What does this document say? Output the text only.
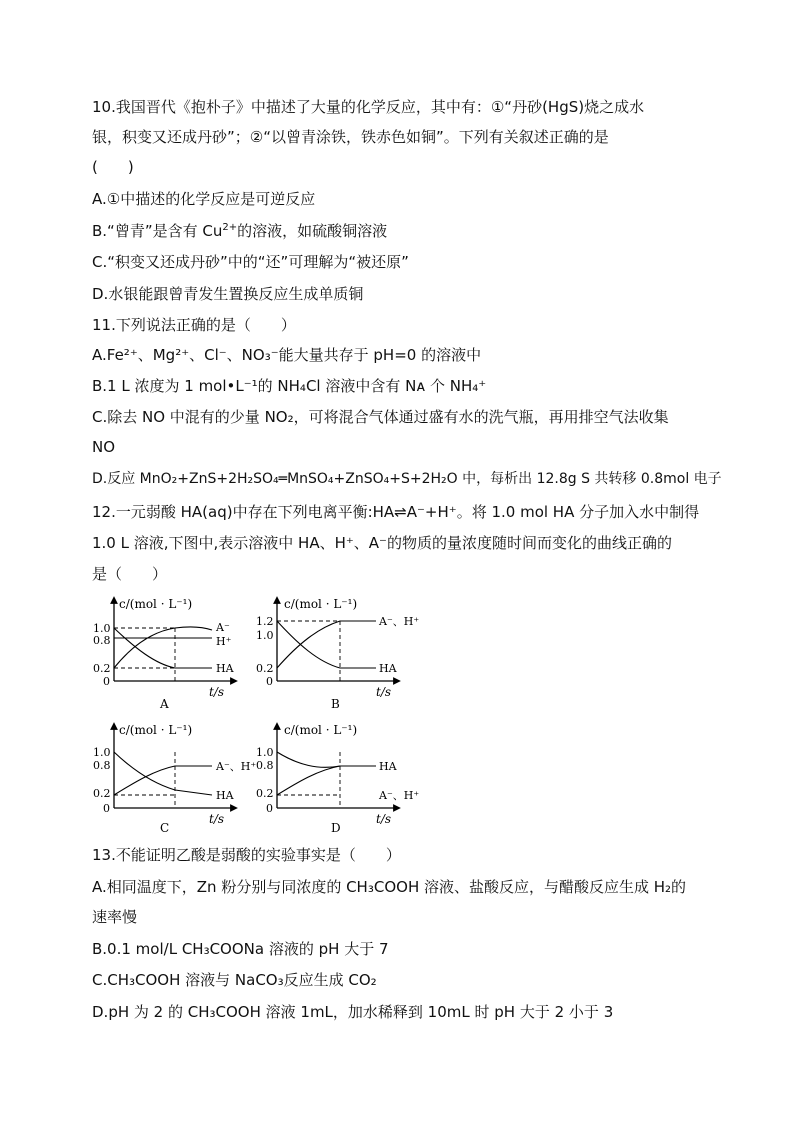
10.我国晋代《抱朴子》中描述了大量的化学反应，其中有：①“丹砂(HgS)烧之成水
银，积变又还成丹砂”；②“以曾青涂铁，铁赤色如铜”。下列有关叙述正确的是
(　　)
A.①中描述的化学反应是可逆反应
B.“曾青”是含有 $Cu^{2+}$的溶液，如硫酸铜溶液
C.“积变又还成丹砂”中的“还”可理解为“被还原”
D.水银能跟曾青发生置换反应生成单质铜
11.下列说法正确的是（　　）
A.Fe²⁺、Mg²⁺、Cl⁻、NO₃⁻能大量共存于 pH=0 的溶液中
B.1 L 浓度为 1 mol•L⁻¹的 NH₄Cl 溶液中含有 Nᴀ 个 NH₄⁺
C.除去 NO 中混有的少量 NO₂，可将混合气体通过盛有水的洗气瓶，再用排空气法收集
NO
D.反应 MnO₂+ZnS+2H₂SO₄═MnSO₄+ZnSO₄+S+2H₂O 中，每析出 12.8g S 共转移 0.8mol 电子
12.一元弱酸 HA(aq)中存在下列电离平衡:HA⇌A⁻+H⁺。将 1.0 mol HA 分子加入水中制得
1.0 L 溶液,下图中,表示溶液中 HA、H⁺、A⁻的物质的量浓度随时间而变化的曲线正确的
是（　　）
c/(mol · L⁻¹)
t/s
0
1.0
0.8
0.2
A⁻
H⁺
HA
A
c/(mol · L⁻¹)
t/s
0
1.2
1.0
0.2
A⁻、H⁺
HA
B
c/(mol · L⁻¹)
t/s
0
1.0
0.8
0.2
A⁻、H⁺
HA
C
c/(mol · L⁻¹)
t/s
0
1.0
0.8
0.2
HA
A⁻、H⁺
D
13.不能证明乙酸是弱酸的实验事实是（　　）
A.相同温度下，Zn 粉分别与同浓度的 CH₃COOH 溶液、盐酸反应，与醋酸反应生成 H₂的
速率慢
B.0.1 mol/L CH₃COONa 溶液的 pH 大于 7
C.CH₃COOH 溶液与 NaCO₃反应生成 CO₂
D.pH 为 2 的 CH₃COOH 溶液 1mL，加水稀释到 10mL 时 pH 大于 2 小于 3
